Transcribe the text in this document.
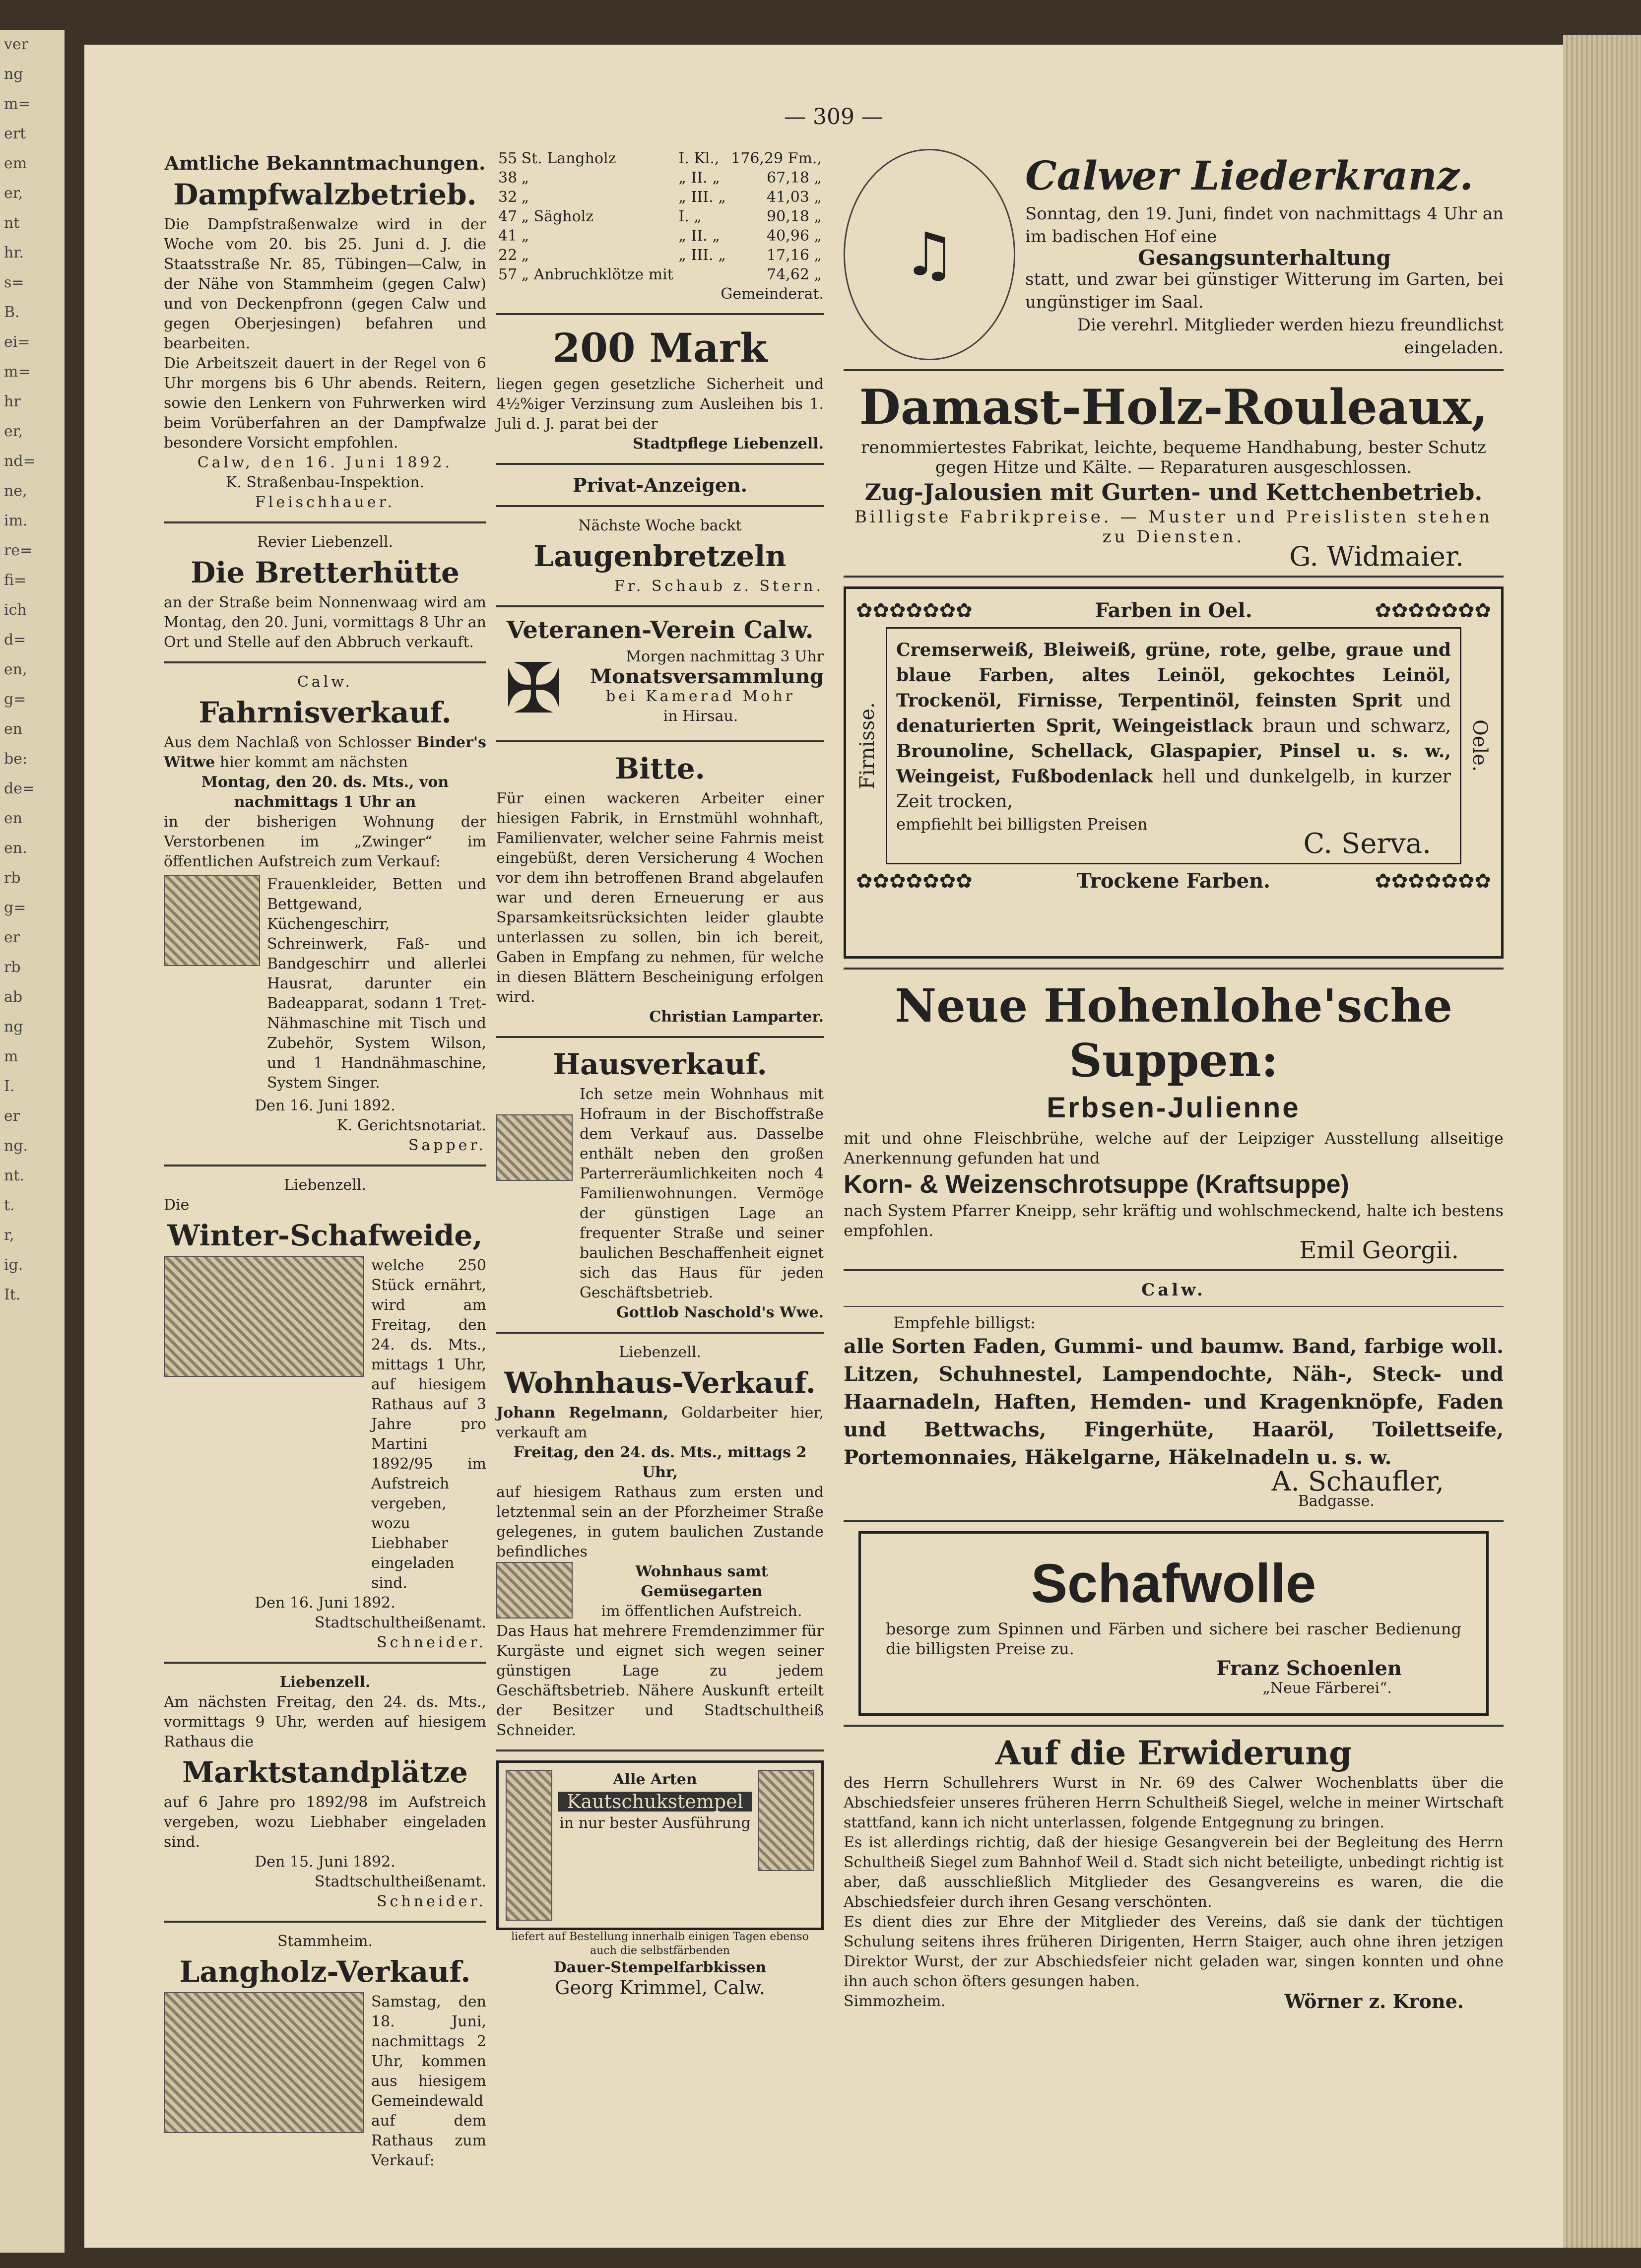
ver
ng
m=
ert
em
er,
nt
hr.
s=
B.
ei=
m=
hr
er,
nd=
ne,
im.
re=
fi=
ich
d=
en,
g=
en
be:
de=
en
en.
rb
g=
er
rb
ab
ng
m
I.
er
ng.
nt.
t.
r,
ig.
It.
— 309 —
Amtliche Bekanntmachungen.
Dampfwalzbetrieb.

Die Dampfstraßenwalze wird in der Woche vom 20. bis 25. Juni d. J. die Staatsstraße Nr. 85, Tübingen—Calw, in der Nähe von Stammheim (gegen Calw) und von Deckenpfronn (gegen Calw und gegen Oberjesingen) befahren und bearbeiten.

Die Arbeitszeit dauert in der Regel von 6 Uhr morgens bis 6 Uhr abends. Reitern, sowie den Lenkern von Fuhrwerken wird beim Vorüberfahren an der Dampfwalze besondere Vorsicht empfohlen.

Calw, den 16. Juni 1892.

K. Straßenbau-Inspektion.

Fleischhauer.

Revier Liebenzell.

Die Bretterhütte

an der Straße beim Nonnenwaag wird am Montag, den 20. Juni, vormittags 8 Uhr an Ort und Stelle auf den Abbruch verkauft.

Calw.

Fahrnisverkauf.

Aus dem Nachlaß von Schlosser Binder's Witwe hier kommt am nächsten

Montag, den 20. ds. Mts., von nachmittags 1 Uhr an

in der bisherigen Wohnung der Verstorbenen im „Zwinger“ im öffentlichen Aufstreich zum Verkauf:

Frauenkleider, Betten und Bettgewand, Küchengeschirr, Schreinwerk, Faß- und Bandgeschirr und allerlei Hausrat, darunter ein Badeapparat, sodann 1 Tret-Nähmaschine mit Tisch und Zubehör, System Wilson, und 1 Handnähmaschine, System Singer.

Den 16. Juni 1892.

K. Gerichtsnotariat.

Sapper.

Liebenzell.

Die

Winter-Schafweide,

welche 250 Stück ernährt, wird am Freitag, den 24. ds. Mts., mittags 1 Uhr, auf hiesigem Rathaus auf 3 Jahre pro Martini 1892/95 im Aufstreich vergeben, wozu Liebhaber eingeladen sind.

Den 16. Juni 1892.

Stadtschultheißenamt.

Schneider.

Liebenzell.

Am nächsten Freitag, den 24. ds. Mts., vormittags 9 Uhr, werden auf hiesigem Rathaus die

Marktstandplätze

auf 6 Jahre pro 1892/98 im Aufstreich vergeben, wozu Liebhaber eingeladen sind.

Den 15. Juni 1892.

Stadtschultheißenamt.

Schneider.

Stammheim.

Langholz-Verkauf.

Samstag, den 18. Juni, nachmittags 2 Uhr, kommen aus hiesigem Gemeindewald auf dem Rathaus zum Verkauf:

55	St. Langholz	I. Kl.,	176,29 Fm.,
38	„	„ II. „	67,18 „
32	„	„ III. „	41,03 „
47	„ Sägholz	I. „	90,18 „
41	„	„ II. „	40,96 „
22	„	„ III. „	17,16 „
57	„ Anbruchklötze mit		74,62 „

Gemeinderat.

200 Mark

liegen gegen gesetzliche Sicherheit und 4½%iger Verzinsung zum Ausleihen bis 1. Juli d. J. parat bei der

Stadtpflege Liebenzell.

Privat-Anzeigen.

Nächste Woche backt

Laugenbretzeln

Fr. Schaub z. Stern.

Veteranen-Verein Calw.
✠	Morgen nachmittag 3 Uhr

Monatsversammlung

bei Kamerad Mohr

in Hirsau.

Bitte.

Für einen wackeren Arbeiter einer hiesigen Fabrik, in Ernstmühl wohnhaft, Familienvater, welcher seine Fahrnis meist eingebüßt, deren Versicherung 4 Wochen vor dem ihn betroffenen Brand abgelaufen war und deren Erneuerung er aus Sparsamkeitsrücksichten leider glaubte unterlassen zu sollen, bin ich bereit, Gaben in Empfang zu nehmen, für welche in diesen Blättern Bescheinigung erfolgen wird.

Christian Lamparter.

Hausverkauf.

Ich setze mein Wohnhaus mit Hofraum in der Bischoffstraße dem Verkauf aus. Dasselbe enthält neben den großen Parterreräumlichkeiten noch 4 Familienwohnungen. Vermöge der günstigen Lage an frequenter Straße und seiner baulichen Beschaffenheit eignet sich das Haus für jeden Geschäftsbetrieb.

Gottlob Naschold's Wwe.

Liebenzell.

Wohnhaus-Verkauf.

Johann Regelmann, Goldarbeiter hier, verkauft am

Freitag, den 24. ds. Mts., mittags 2 Uhr,

auf hiesigem Rathaus zum ersten und letztenmal sein an der Pforzheimer Straße gelegenes, in gutem baulichen Zustande befindliches

Wohnhaus samt Gemüsegarten

im öffentlichen Aufstreich.

Das Haus hat mehrere Fremdenzimmer für Kurgäste und eignet sich wegen seiner günstigen Lage zu jedem Geschäftsbetrieb. Nähere Auskunft erteilt der Besitzer und Stadtschultheiß Schneider.

Alle Arten

Kautschukstempel

in nur bester Ausführung

liefert auf Bestellung innerhalb einigen Tagen ebenso auch die selbstfärbenden

Dauer-Stempelfarbkissen

Georg Krimmel, Calw.

♫
Calwer Liederkranz.

Sonntag, den 19. Juni, findet von nachmittags 4 Uhr an im badischen Hof eine

Gesangsunterhaltung

statt, und zwar bei günstiger Witterung im Garten, bei ungünstiger im Saal.

Die verehrl. Mitglieder werden hiezu freundlichst eingeladen.

Damast-Holz-Rouleaux,

renommiertestes Fabrikat, leichte, bequeme Handhabung, bester Schutz gegen Hitze und Kälte. — Reparaturen ausgeschlossen.

Zug-Jalousien mit Gurten- und Kettchenbetrieb.

Billigste Fabrikpreise. — Muster und Preislisten stehen zu Diensten.

G. Widmaier.

✿✿✿✿✿✿✿	Farben in Oel.	✿✿✿✿✿✿✿
Firnisse.

Cremserweiß, Bleiweiß, grüne, rote, gelbe, graue und blaue Farben, altes Leinöl, gekochtes Leinöl, Trockenöl, Firnisse, Terpentinöl, feinsten Sprit und denaturierten Sprit, Weingeistlack braun und schwarz, Brounoline, Schellack, Glaspapier, Pinsel u. s. w., Weingeist, Fußbodenlack hell und dunkelgelb, in kurzer Zeit trocken,

empfiehlt bei billigsten Preisen

C. Serva.

Oele.
✿✿✿✿✿✿✿	Trockene Farben.	✿✿✿✿✿✿✿
Neue Hohenlohe'sche Suppen:
Erbsen-Julienne

mit und ohne Fleischbrühe, welche auf der Leipziger Ausstellung allseitige Anerkennung gefunden hat und

Korn- & Weizenschrotsuppe (Kraftsuppe)

nach System Pfarrer Kneipp, sehr kräftig und wohlschmeckend, halte ich bestens empfohlen.

Emil Georgii.

Calw.

Empfehle billigst:

alle Sorten Faden, Gummi- und baumw. Band, farbige woll. Litzen, Schuhnestel, Lampendochte, Näh-, Steck- und Haarnadeln, Haften, Hemden- und Kragenknöpfe, Faden und Bettwachs, Fingerhüte, Haaröl, Toilettseife, Portemonnaies, Häkelgarne, Häkelnadeln u. s. w.

A. Schaufler,

Badgasse.

Schafwolle

besorge zum Spinnen und Färben und sichere bei rascher Bedienung die billigsten Preise zu.

Franz Schoenlen

„Neue Färberei“.

Auf die Erwiderung

des Herrn Schullehrers Wurst in Nr. 69 des Calwer Wochenblatts über die Abschiedsfeier unseres früheren Herrn Schultheiß Siegel, welche in meiner Wirtschaft stattfand, kann ich nicht unterlassen, folgende Entgegnung zu bringen.

Es ist allerdings richtig, daß der hiesige Gesangverein bei der Begleitung des Herrn Schultheiß Siegel zum Bahnhof Weil d. Stadt sich nicht beteiligte, unbedingt richtig ist aber, daß ausschließlich Mitglieder des Gesangvereins es waren, die die Abschiedsfeier durch ihren Gesang verschönten.

Es dient dies zur Ehre der Mitglieder des Vereins, daß sie dank der tüchtigen Schulung seitens ihres früheren Dirigenten, Herrn Staiger, auch ohne ihren jetzigen Direktor Wurst, der zur Abschiedsfeier nicht geladen war, singen konnten und ohne ihn auch schon öfters gesungen haben.

Simmozheim.	Wörner z. Krone.
